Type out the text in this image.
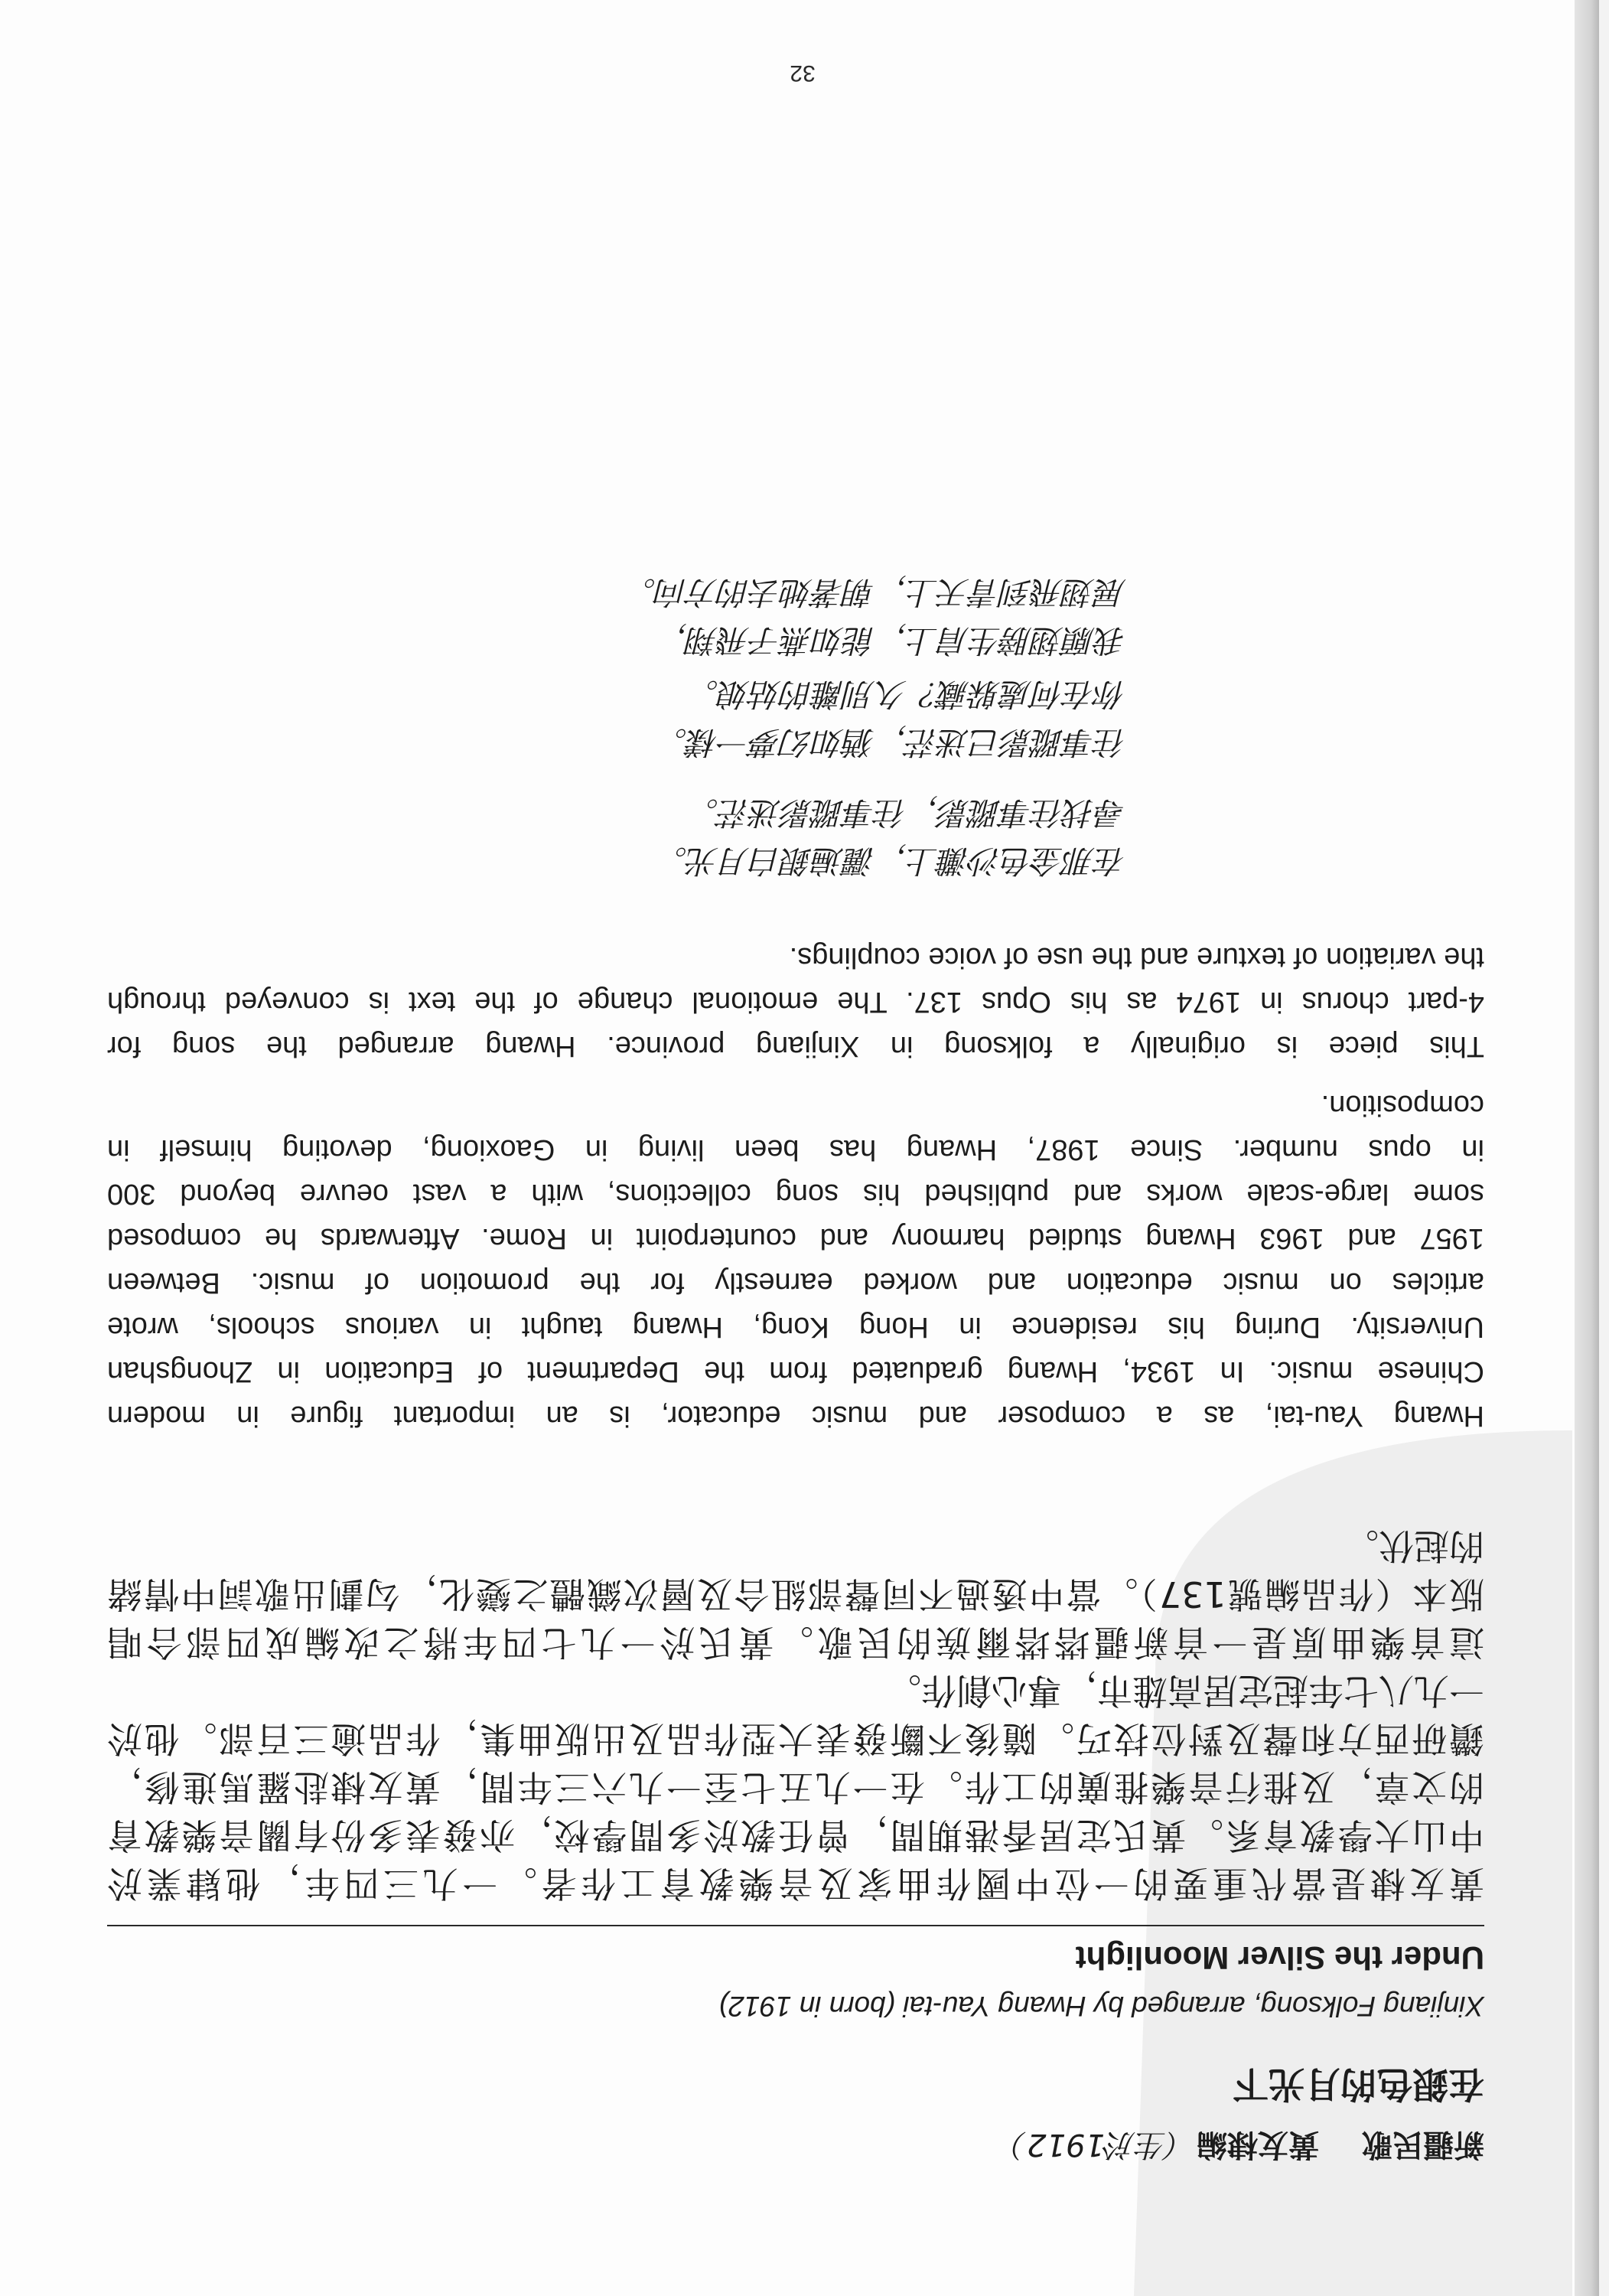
新疆民歌黃友棣編（生於1912）
在銀色的月光下
Xinjiang Folksong, arranged by Hwang Yau-tai (born in 1912)
Under the Silver Moonlight
黃友棣是當代重要的一位中國作曲家及音樂教育工作者。一九三四年，他肄業於
中山大學教育系。黃氏定居香港期間，曾任教於多間學校，亦發表多份有關音樂教育
的文章，及推行音樂推廣的工作。在一九五七至一九六三年間，黃友棣赴羅馬進修，
鑽研西方和聲及對位技巧。隨後不斷發表大型作品及出版曲集，作品逾三百部。他於
一九八七年起定居高雄市，專心創作。
這首樂曲原是一首新疆塔塔爾族的民歌。黃氏於一九七四年將之改編成四部合唱
版本（作品編號137）。當中透過不同聲部組合及層次織體之變化，勾劃出歌詞中情緒
的起伏。
Hwang Yau-tai, as a composer and music educator, is an important figure in modern
Chinese music. In 1934, Hwang graduated from the Department of Education in Zhongshan
University. During his residence in Hong Kong, Hwang taught in various schools, wrote
articles on music education and worked earnestly for the promotion of music. Between
1957 and 1963 Hwang studied harmony and counterpoint in Rome. Afterwards he composed
some large-scale works and published his song collections, with a vast oeuvre beyond 300
in opus number. Since 1987, Hwang has been living in Gaoxiong, devoting himself in
composition.
This piece is originally a folksong in Xinjiang province. Hwang arranged the song for
4-part chorus in 1974 as his Opus 137. The emotional change of the text is conveyed through
the variation of texture and the use of voice couplings.
在那金色沙灘上，灑遍銀白月光。
尋找往事蹤影，往事蹤影迷茫。
往事蹤影已迷茫，猶如幻夢一樣。
你在何處躲藏？久別離的姑娘。
我願翅膀生肩上，能如燕子飛翔，
展翅飛到青天上，朝著她去的方向。
32
